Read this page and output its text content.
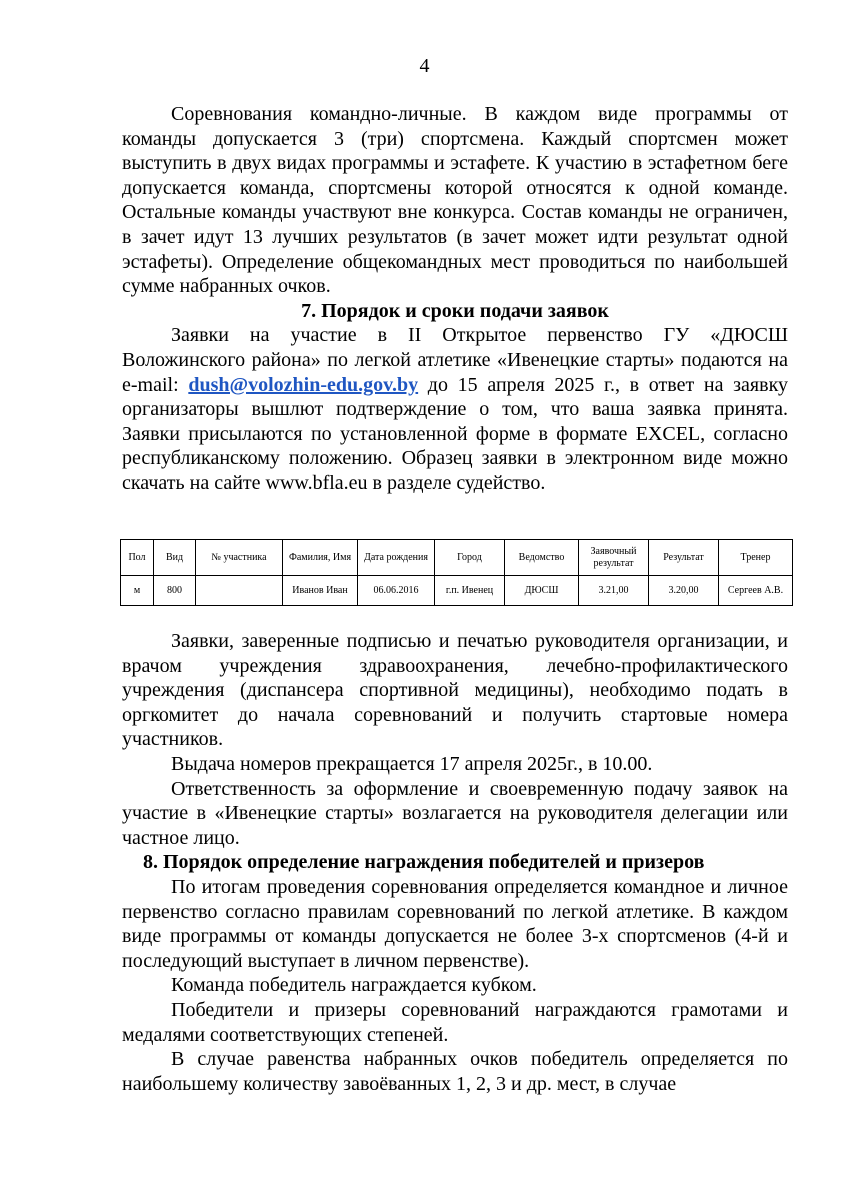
4

Соревнования командно-личные. В каждом виде программы от команды допускается 3 (три) спортсмена. Каждый спортсмен может выступить в двух видах программы и эстафете. К участию в эстафетном беге допускается команда, спортсмены которой относятся к одной команде. Остальные команды участвуют вне конкурса. Состав команды не ограничен, в зачет идут 13 лучших результатов (в зачет может идти результат одной эстафеты). Определение общекомандных мест проводиться по наибольшей сумме набранных очков.

7. Порядок и сроки подачи заявок

Заявки на участие в II Открытое первенство ГУ «ДЮСШ Воложинского района» по легкой атлетике «Ивенецкие старты» подаются на e-mail: dush@volozhin-edu.gov.by до 15 апреля 2025 г., в ответ на заявку организаторы вышлют подтверждение о том, что ваша заявка принята. Заявки присылаются по установленной форме в формате EXCEL, согласно республиканскому положению. Образец заявки в электронном виде можно скачать на сайте www.bfla.eu в разделе судейство.

Пол	Вид	№ участника	Фамилия, Имя	Дата рождения	Город	Ведомство	Заявочный результат	Результат	Тренер
м	800		Иванов Иван	06.06.2016	г.п. Ивенец	ДЮСШ	3.21,00	3.20,00	Сергеев А.В.

Заявки, заверенные подписью и печатью руководителя организации, и врачом учреждения здравоохранения, лечебно-профилактического учреждения (диспансера спортивной медицины), необходимо подать в оргкомитет до начала соревнований и получить стартовые номера участников.

Выдача номеров прекращается 17 апреля 2025г., в 10.00.

Ответственность за оформление и своевременную подачу заявок на участие в «Ивенецкие старты» возлагается на руководителя делегации или частное лицо.

8. Порядок определение награждения победителей и призеров

По итогам проведения соревнования определяется командное и личное первенство согласно правилам соревнований по легкой атлетике. В каждом виде программы от команды допускается не более 3-х спортсменов (4-й и последующий выступает в личном первенстве).

Команда победитель награждается кубком.

Победители и призеры соревнований награждаются грамотами и медалями соответствующих степеней.

В случае равенства набранных очков победитель определяется по наибольшему количеству завоёванных 1, 2, 3 и др. мест, в случае
